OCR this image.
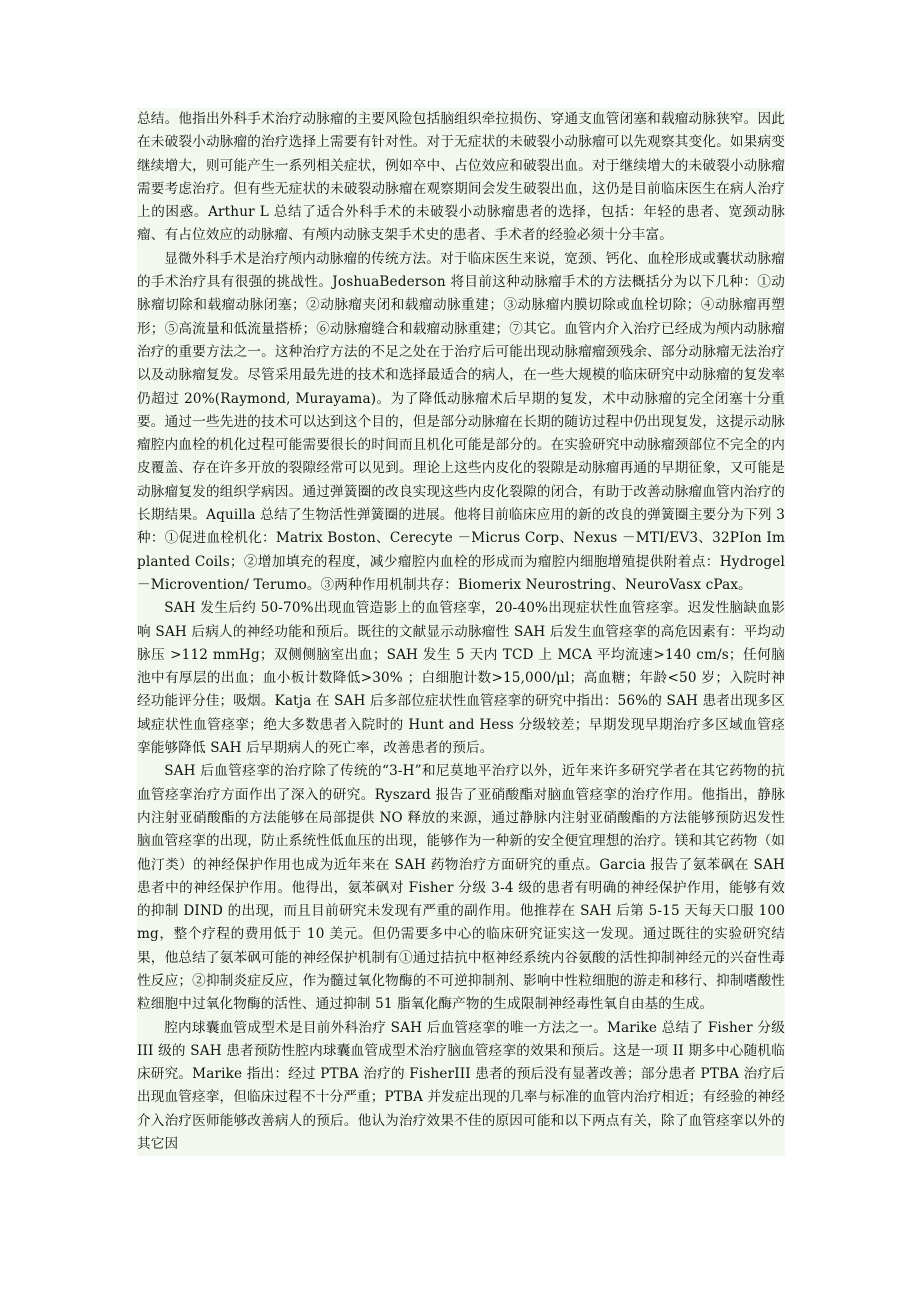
总结。他指出外科手术治疗动脉瘤的主要风险包括脑组织牵拉损伤、穿通支血管闭塞和载瘤动脉狭窄。因此在未破裂小动脉瘤的治疗选择上需要有针对性。对于无症状的未破裂小动脉瘤可以先观察其变化。如果病变继续增大，则可能产生一系列相关症状，例如卒中、占位效应和破裂出血。对于继续增大的未破裂小动脉瘤需要考虑治疗。但有些无症状的未破裂动脉瘤在观察期间会发生破裂出血，这仍是目前临床医生在病人治疗上的困惑。Arthur L 总结了适合外科手术的未破裂小动脉瘤患者的选择，包括：年轻的患者、宽颈动脉瘤、有占位效应的动脉瘤、有颅内动脉支架手术史的患者、手术者的经验必须十分丰富。

显微外科手术是治疗颅内动脉瘤的传统方法。对于临床医生来说，宽颈、钙化、血栓形成或囊状动脉瘤的手术治疗具有很强的挑战性。JoshuaBederson 将目前这种动脉瘤手术的方法概括分为以下几种：①动脉瘤切除和载瘤动脉闭塞；②动脉瘤夹闭和载瘤动脉重建；③动脉瘤内膜切除或血栓切除；④动脉瘤再塑形；⑤高流量和低流量搭桥；⑥动脉瘤缝合和载瘤动脉重建；⑦其它。血管内介入治疗已经成为颅内动脉瘤治疗的重要方法之一。这种治疗方法的不足之处在于治疗后可能出现动脉瘤瘤颈残余、部分动脉瘤无法治疗以及动脉瘤复发。尽管采用最先进的技术和选择最适合的病人，在一些大规模的临床研究中动脉瘤的复发率仍超过 20%(Raymond, Murayama)。为了降低动脉瘤术后早期的复发，术中动脉瘤的完全闭塞十分重要。通过一些先进的技术可以达到这个目的，但是部分动脉瘤在长期的随访过程中仍出现复发，这提示动脉瘤腔内血栓的机化过程可能需要很长的时间而且机化可能是部分的。在实验研究中动脉瘤颈部位不完全的内皮覆盖、存在许多开放的裂隙经常可以见到。理论上这些内皮化的裂隙是动脉瘤再通的早期征象，又可能是动脉瘤复发的组织学病因。通过弹簧圈的改良实现这些内皮化裂隙的闭合，有助于改善动脉瘤血管内治疗的长期结果。Aquilla 总结了生物活性弹簧圈的进展。他将目前临床应用的新的改良的弹簧圈主要分为下列 3 种：①促进血栓机化：Matrix Boston、Cerecyte －Micrus Corp、Nexus －MTI/EV3、32PIon Implanted Coils；②增加填充的程度，减少瘤腔内血栓的形成而为瘤腔内细胞增殖提供附着点：Hydrogel－Microvention/ Terumo。③两种作用机制共存：Biomerix Neurostring、NeuroVasx cPax。

SAH 发生后约 50-70%出现血管造影上的血管痉挛，20-40%出现症状性血管痉挛。迟发性脑缺血影响 SAH 后病人的神经功能和预后。既往的文献显示动脉瘤性 SAH 后发生血管痉挛的高危因素有：平均动脉压 >112 mmHg；双侧侧脑室出血；SAH 发生 5 天内 TCD 上 MCA 平均流速>140 cm/s；任何脑池中有厚层的出血；血小板计数降低>30% ；白细胞计数>15,000/μl；高血糖；年龄<50 岁；入院时神经功能评分佳；吸烟。Katja 在 SAH 后多部位症状性血管痉挛的研究中指出：56%的 SAH 患者出现多区域症状性血管痉挛；绝大多数患者入院时的 Hunt and Hess 分级较差；早期发现早期治疗多区域血管痉挛能够降低 SAH 后早期病人的死亡率，改善患者的预后。

SAH 后血管痉挛的治疗除了传统的“3-H”和尼莫地平治疗以外，近年来许多研究学者在其它药物的抗血管痉挛治疗方面作出了深入的研究。Ryszard 报告了亚硝酸酯对脑血管痉挛的治疗作用。他指出，静脉内注射亚硝酸酯的方法能够在局部提供 NO 释放的来源，通过静脉内注射亚硝酸酯的方法能够预防迟发性脑血管痉挛的出现，防止系统性低血压的出现，能够作为一种新的安全便宜理想的治疗。镁和其它药物（如他汀类）的神经保护作用也成为近年来在 SAH 药物治疗方面研究的重点。Garcia 报告了氨苯砜在 SAH 患者中的神经保护作用。他得出，氨苯砜对 Fisher 分级 3-4 级的患者有明确的神经保护作用，能够有效的抑制 DIND 的出现，而且目前研究未发现有严重的副作用。他推荐在 SAH 后第 5-15 天每天口服 100 mg，整个疗程的费用低于 10 美元。但仍需要多中心的临床研究证实这一发现。通过既往的实验研究结果，他总结了氨苯砜可能的神经保护机制有①通过拮抗中枢神经系统内谷氨酸的活性抑制神经元的兴奋性毒性反应；②抑制炎症反应，作为髓过氧化物酶的不可逆抑制剂、影响中性粒细胞的游走和移行、抑制嗜酸性粒细胞中过氧化物酶的活性、通过抑制 51 脂氧化酶产物的生成限制神经毒性氧自由基的生成。

腔内球囊血管成型术是目前外科治疗 SAH 后血管痉挛的唯一方法之一。Marike 总结了 Fisher 分级 III 级的 SAH 患者预防性腔内球囊血管成型术治疗脑血管痉挛的效果和预后。这是一项 II 期多中心随机临床研究。Marike 指出：经过 PTBA 治疗的 FisherIII 患者的预后没有显著改善；部分患者 PTBA 治疗后出现血管痉挛，但临床过程不十分严重；PTBA 并发症出现的几率与标准的血管内治疗相近；有经验的神经介入治疗医师能够改善病人的预后。他认为治疗效果不佳的原因可能和以下两点有关，除了血管痉挛以外的其它因
